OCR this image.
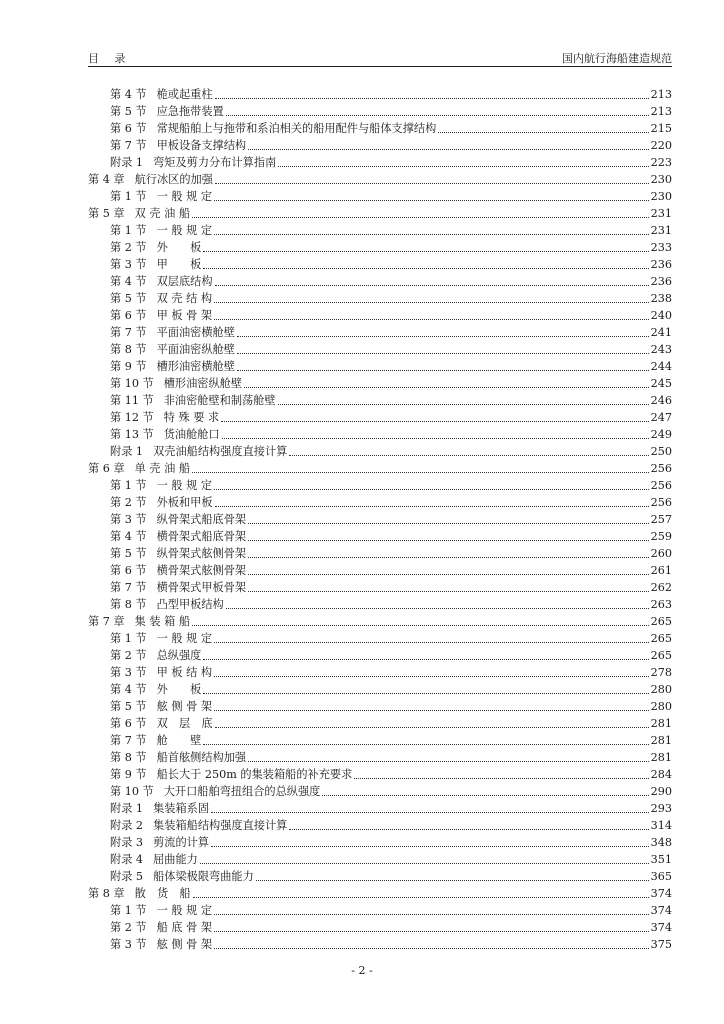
目 录	国内航行海船建造规范
第 4 节 桅或起重柱	213
第 5 节 应急拖带装置	213
第 6 节 常规船舶上与拖带和系泊相关的船用配件与船体支撑结构	215
第 7 节 甲板设备支撑结构	220
附录 1 弯矩及剪力分布计算指南	223
第 4 章 航行冰区的加强	230
第 1 节 一 般 规 定	230
第 5 章 双 壳 油 船	231
第 1 节 一 般 规 定	231
第 2 节 外　　板	233
第 3 节 甲　　板	236
第 4 节 双层底结构	236
第 5 节 双 壳 结 构	238
第 6 节 甲 板 骨 架	240
第 7 节 平面油密横舱壁	241
第 8 节 平面油密纵舱壁	243
第 9 节 槽形油密横舱壁	244
第 10 节 槽形油密纵舱壁	245
第 11 节 非油密舱壁和制荡舱壁	246
第 12 节 特 殊 要 求	247
第 13 节 货油舱舱口	249
附录 1 双壳油船结构强度直接计算	250
第 6 章 单 壳 油 船	256
第 1 节 一 般 规 定	256
第 2 节 外板和甲板	256
第 3 节 纵骨架式船底骨架	257
第 4 节 横骨架式船底骨架	259
第 5 节 纵骨架式舷侧骨架	260
第 6 节 横骨架式舷侧骨架	261
第 7 节 横骨架式甲板骨架	262
第 8 节 凸型甲板结构	263
第 7 章 集 装 箱 船	265
第 1 节 一 般 规 定	265
第 2 节 总纵强度	265
第 3 节 甲 板 结 构	278
第 4 节 外　　板	280
第 5 节 舷 侧 骨 架	280
第 6 节 双　层　底	281
第 7 节 舱　　壁	281
第 8 节 船首舷侧结构加强	281
第 9 节 船长大于 250m 的集装箱船的补充要求	284
第 10 节 大开口船舶弯扭组合的总纵强度	290
附录 1 集装箱系固	293
附录 2 集装箱船结构强度直接计算	314
附录 3 剪流的计算	348
附录 4 屈曲能力	351
附录 5 船体梁极限弯曲能力	365
第 8 章 散　货　船	374
第 1 节 一 般 规 定	374
第 2 节 船 底 骨 架	374
第 3 节 舷 侧 骨 架	375
- 2 -
